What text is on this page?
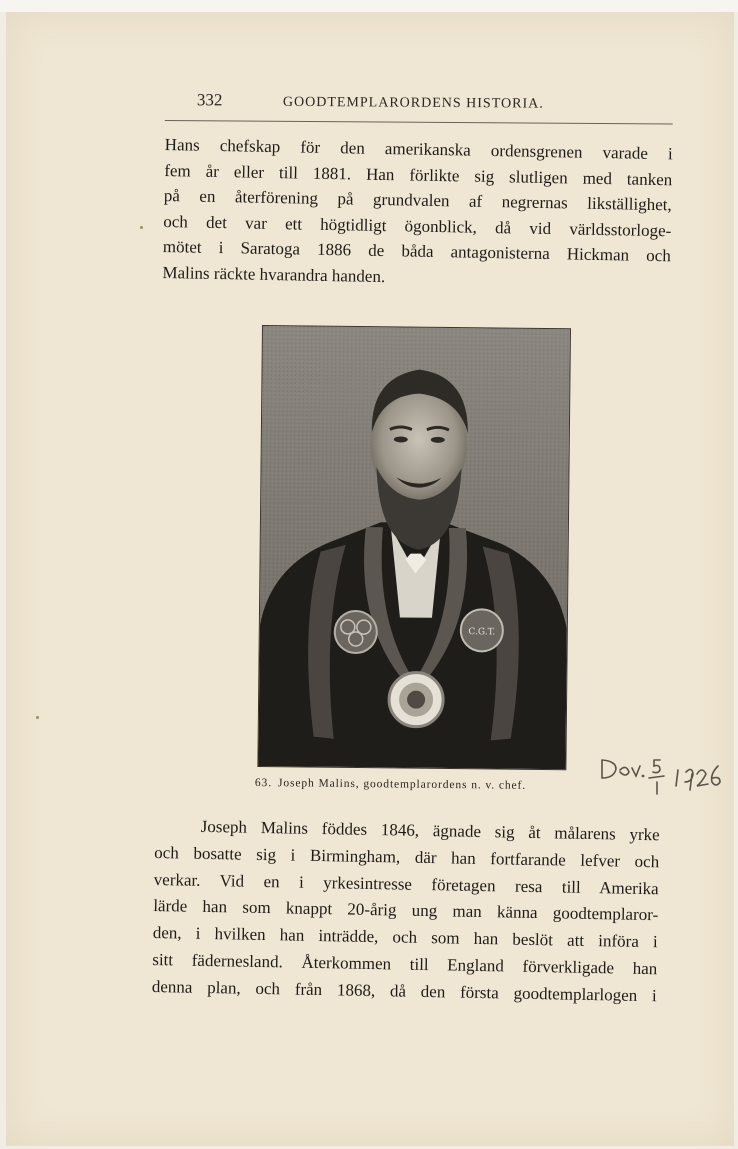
332	GOODTEMPLARORDENS HISTORIA.

Hans chefskap för den amerikanska ordensgrenen varade i
fem år eller till 1881. Han förlikte sig slutligen med tanken
på en återförening på grundvalen af negrernas likställighet,
och det var ett högtidligt ögonblick, då vid världsstorloge-
mötet i Saratoga 1886 de båda antagonisterna Hickman och
Malins räckte hvarandra handen.

C.G.T.
63. Joseph Malins, goodtemplarordens n. v. chef.

Joseph Malins föddes 1846, ägnade sig åt målarens yrke
och bosatte sig i Birmingham, där han fortfarande lefver och
verkar. Vid en i yrkesintresse företagen resa till Amerika
lärde han som knappt 20-årig ung man känna goodtemplaror-
den, i hvilken han inträdde, och som han beslöt att införa i
sitt fädernesland. Återkommen till England förverkligade han
denna plan, och från 1868, då den första goodtemplarlogen i
